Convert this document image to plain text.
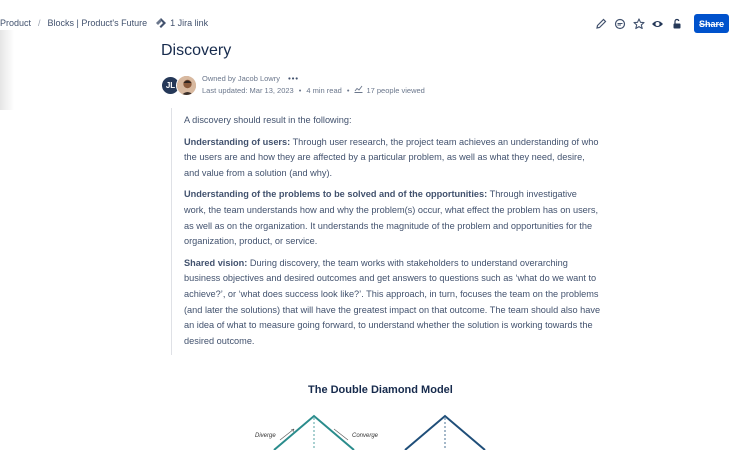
Product / Blocks | Product's Future	1 Jira link	Share
Discovery
JL
Owned by Jacob Lowry •••
Last updated: Mar 13, 2023 • 4 min read • 17 people viewed

A discovery should result in the following:

Understanding of users: Through user research, the project team achieves an understanding of who the users are and how they are affected by a particular problem, as well as what they need, desire, and value from a solution (and why).

Understanding of the problems to be solved and of the opportunities: Through investigative work, the team understands how and why the problem(s) occur, what effect the problem has on users, as well as on the organization. It understands the magnitude of the problem and opportunities for the organization, product, or service.

Shared vision: During discovery, the team works with stakeholders to understand overarching business objectives and desired outcomes and get answers to questions such as ‘what do we want to achieve?’, or ‘what does success look like?’. This approach, in turn, focuses the team on the problems (and later the solutions) that will have the greatest impact on that outcome. The team should also have an idea of what to measure going forward, to understand whether the solution is working towards the desired outcome.

The Double Diamond Model
Diverge	Converge
